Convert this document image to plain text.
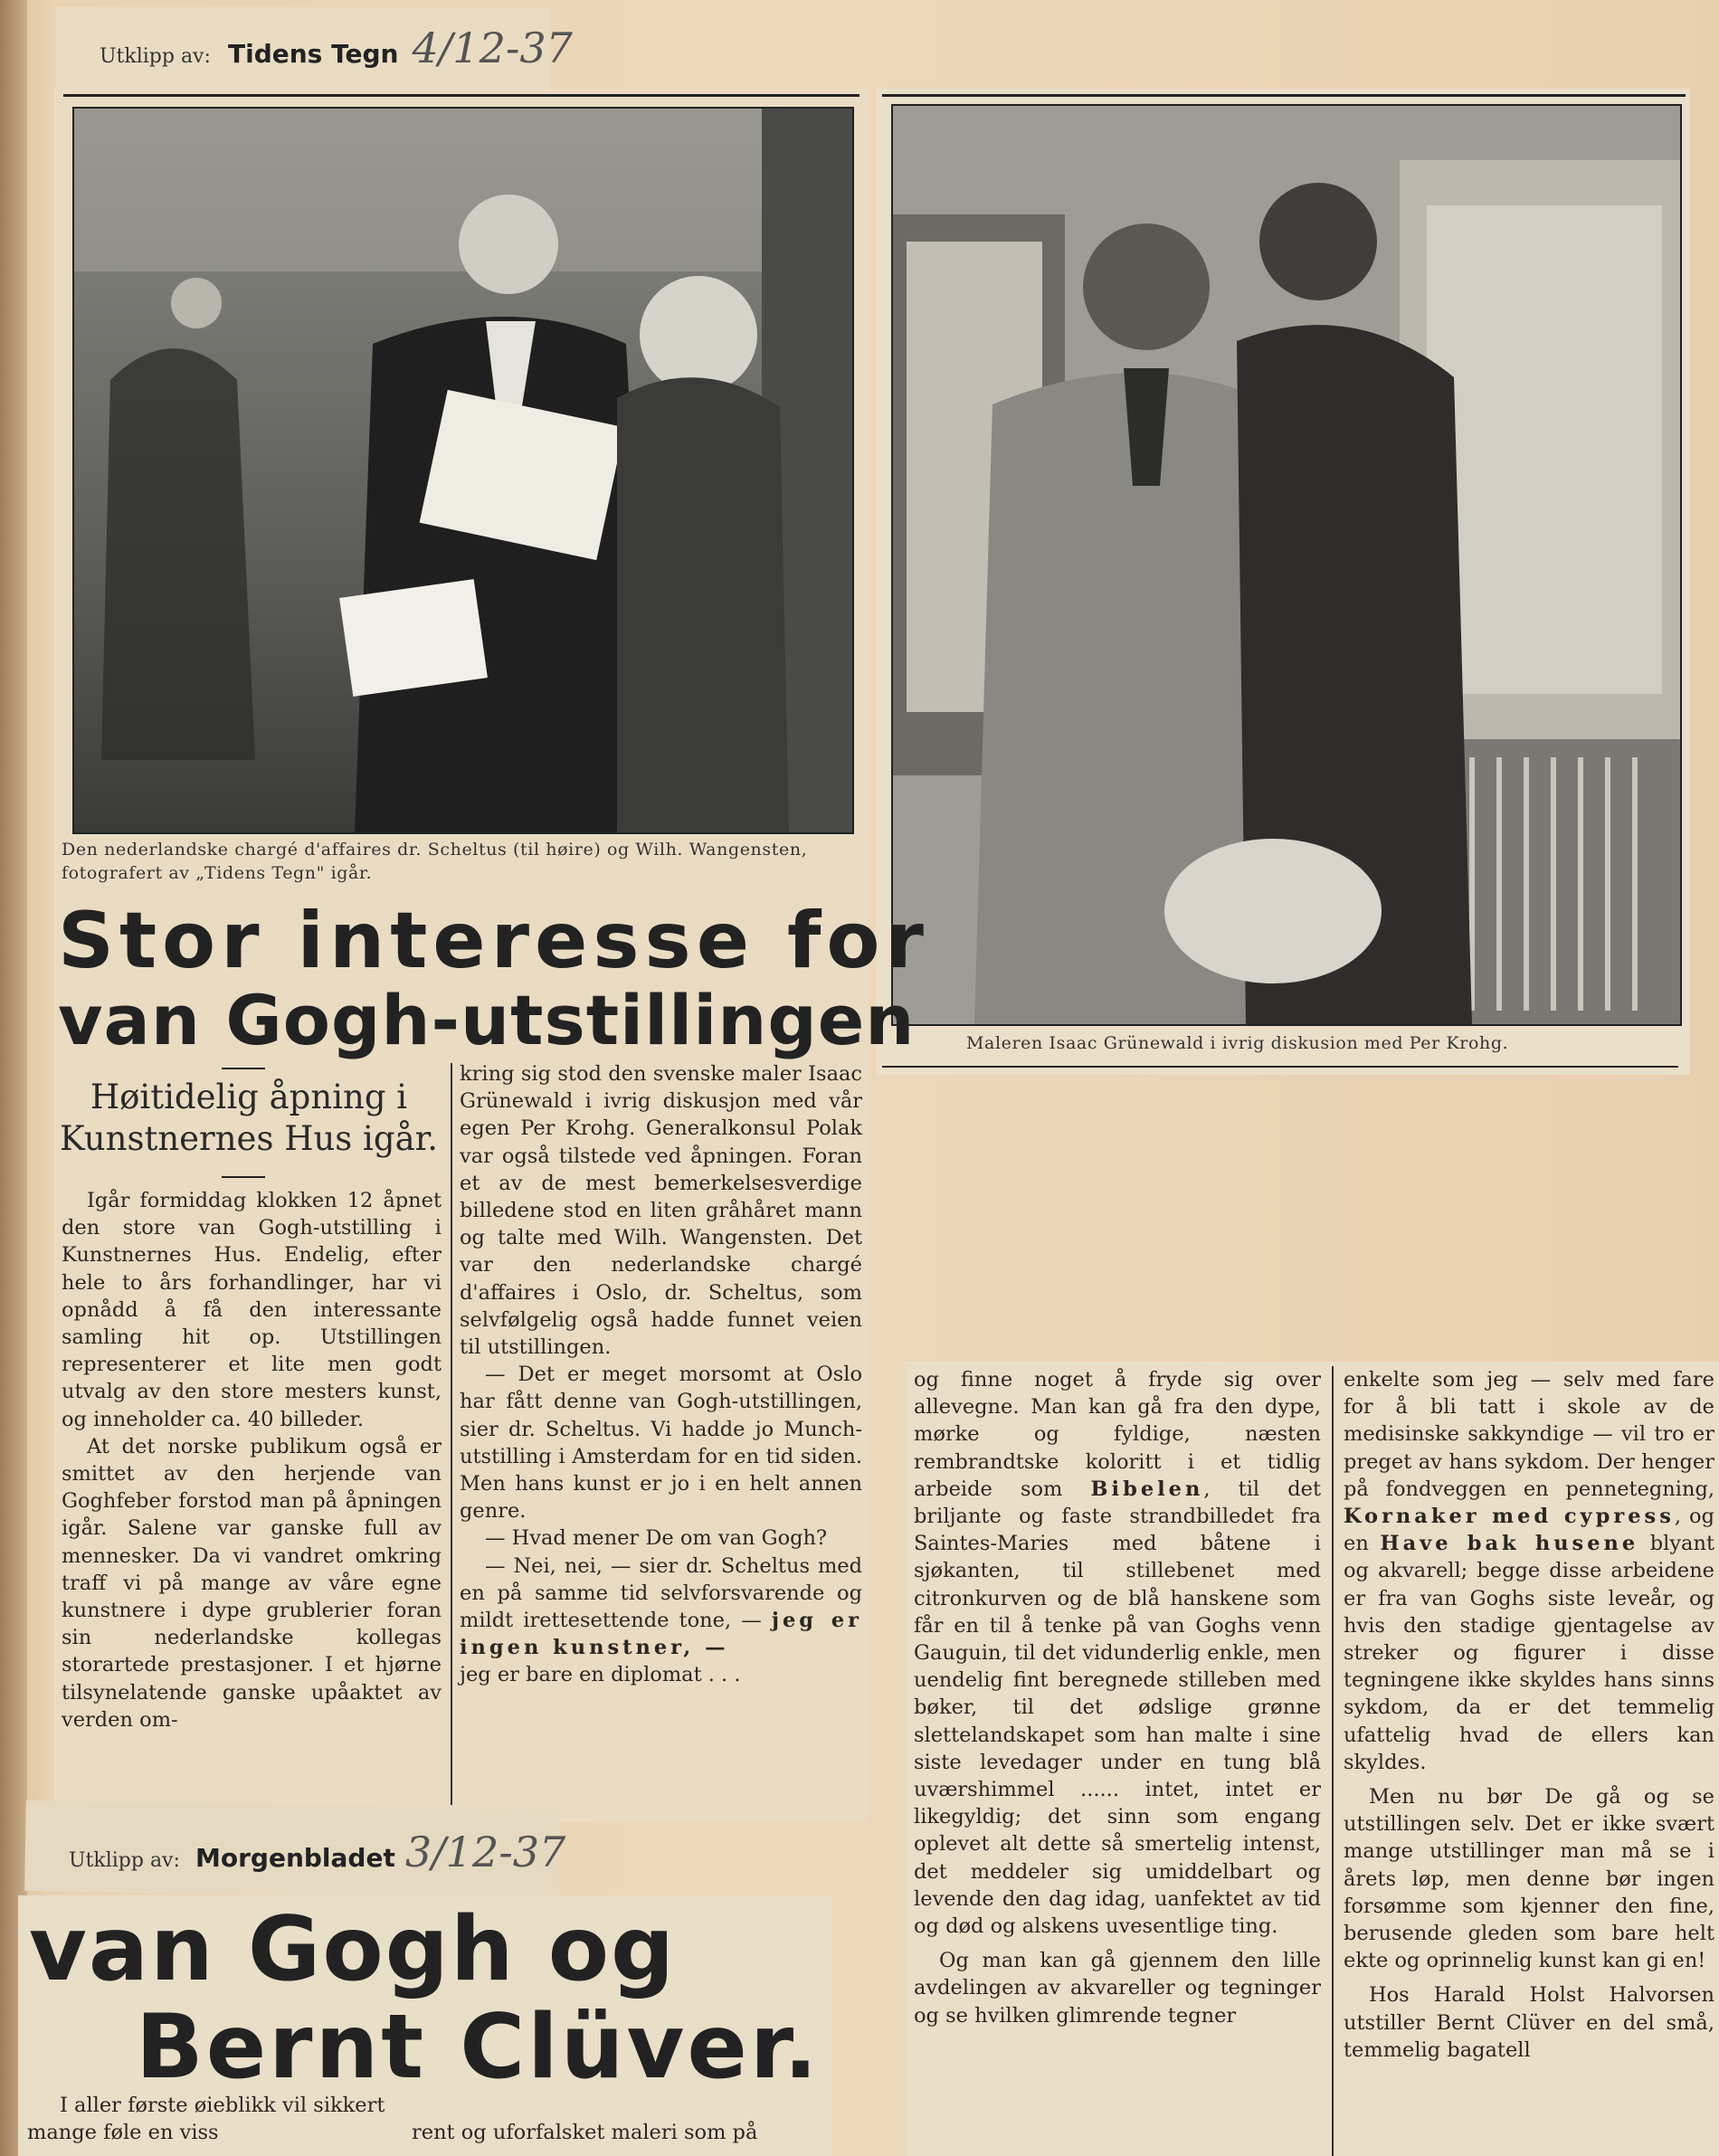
Utklipp av: Tidens Tegn 4/12-37
Den nederlandske chargé d'affaires dr. Scheltus (til høire) og Wilh. Wangensten, fotografert av „Tidens Tegn" igår.
Maleren Isaac Grünewald i ivrig diskusion med Per Krohg.
Stor interesse for
van Gogh-utstillingen
Høitidelig åpning i
Kunstnernes Hus igår.

Igår formiddag klokken 12 åpnet den store van Gogh-utstilling i Kunstnernes Hus. Endelig, efter hele to års forhandlinger, har vi opnådd å få den interessante samling hit op. Utstillingen representerer et lite men godt utvalg av den store mesters kunst, og inneholder ca. 40 billeder.

At det norske publikum også er smittet av den herjende van Goghfeber forstod man på åpningen igår. Salene var ganske full av mennesker. Da vi vandret omkring traff vi på mange av våre egne kunstnere i dype grublerier foran sin nederlandske kollegas storartede prestasjoner. I et hjørne tilsynelatende ganske upåaktet av verden om-

kring sig stod den svenske maler Isaac Grünewald i ivrig diskusjon med vår egen Per Krohg. Generalkonsul Polak var også tilstede ved åpningen. Foran et av de mest bemerkelsesverdige billedene stod en liten gråhåret mann og talte med Wilh. Wangensten. Det var den nederlandske chargé d'affaires i Oslo, dr. Scheltus, som selvfølgelig også hadde funnet veien til utstillingen.

— Det er meget morsomt at Oslo har fått denne van Gogh-utstillingen, sier dr. Scheltus. Vi hadde jo Munch-utstilling i Amsterdam for en tid siden. Men hans kunst er jo i en helt annen genre.

— Hvad mener De om van Gogh?

— Nei, nei, — sier dr. Scheltus med en på samme tid selvforsvarende og mildt irettesettende tone, — jeg er ingen kunstner, —

jeg er bare en diplomat . . .

Utklipp av: Morgenbladet 3/12-37
van Gogh og
Bernt Clüver.
I aller første øieblikk vil sikkert
mange føle en viss	rent og uforfalsket maleri som på

og finne noget å fryde sig over allevegne. Man kan gå fra den dype, mørke og fyldige, næsten rembrandtske koloritt i et tidlig arbeide som Bibelen, til det briljante og faste strandbilledet fra Saintes-Maries med båtene i sjøkanten, til stillebenet med citronkurven og de blå hanskene som får en til å tenke på van Goghs venn Gauguin, til det vidunderlig enkle, men uendelig fint beregnede stilleben med bøker, til det ødslige grønne slettelandskapet som han malte i sine siste levedager under en tung blå uværshimmel ...... intet, intet er likegyldig; det sinn som engang oplevet alt dette så smertelig intenst, det meddeler sig umiddelbart og levende den dag idag, uanfektet av tid og død og alskens uvesentlige ting.

Og man kan gå gjennem den lille avdelingen av akvareller og tegninger og se hvilken glimrende tegner

enkelte som jeg — selv med fare for å bli tatt i skole av de medisinske sakkyndige — vil tro er preget av hans sykdom. Der henger på fondveggen en pennetegning, Kornaker med cypress, og en Have bak husene blyant og akvarell; begge disse arbeidene er fra van Goghs siste leveår, og hvis den stadige gjentagelse av streker og figurer i disse tegningene ikke skyldes hans sinns sykdom, da er det temmelig ufattelig hvad de ellers kan skyldes.

Men nu bør De gå og se utstillingen selv. Det er ikke svært mange utstillinger man må se i årets løp, men denne bør ingen forsømme som kjenner den fine, berusende gleden som bare helt ekte og oprinnelig kunst kan gi en!

Hos Harald Holst Halvorsen utstiller Bernt Clüver en del små, temmelig bagatell
